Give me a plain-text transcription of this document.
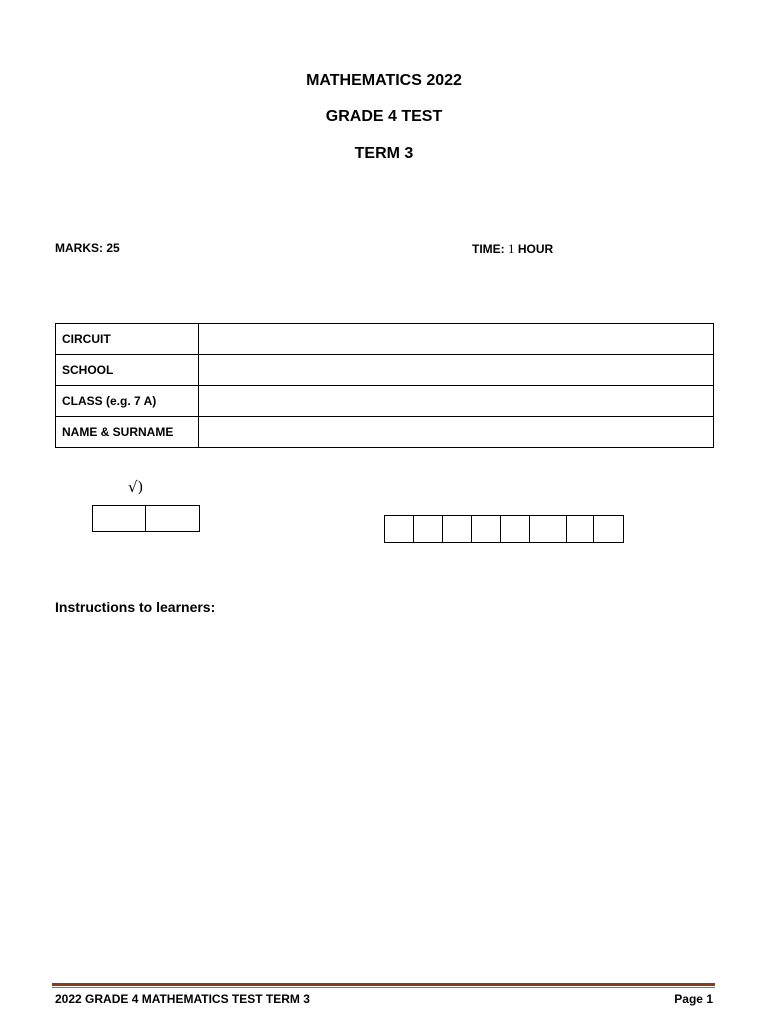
MATHEMATICS 2022
GRADE 4 TEST
TERM 3
MARKS: 25	TIME: 1 HOUR
CIRCUIT	
SCHOOL	
CLASS (e.g. 7 A)	
NAME & SURNAME	
√)
Instructions to learners:
2022 GRADE 4 MATHEMATICS TEST TERM 3	Page 1
